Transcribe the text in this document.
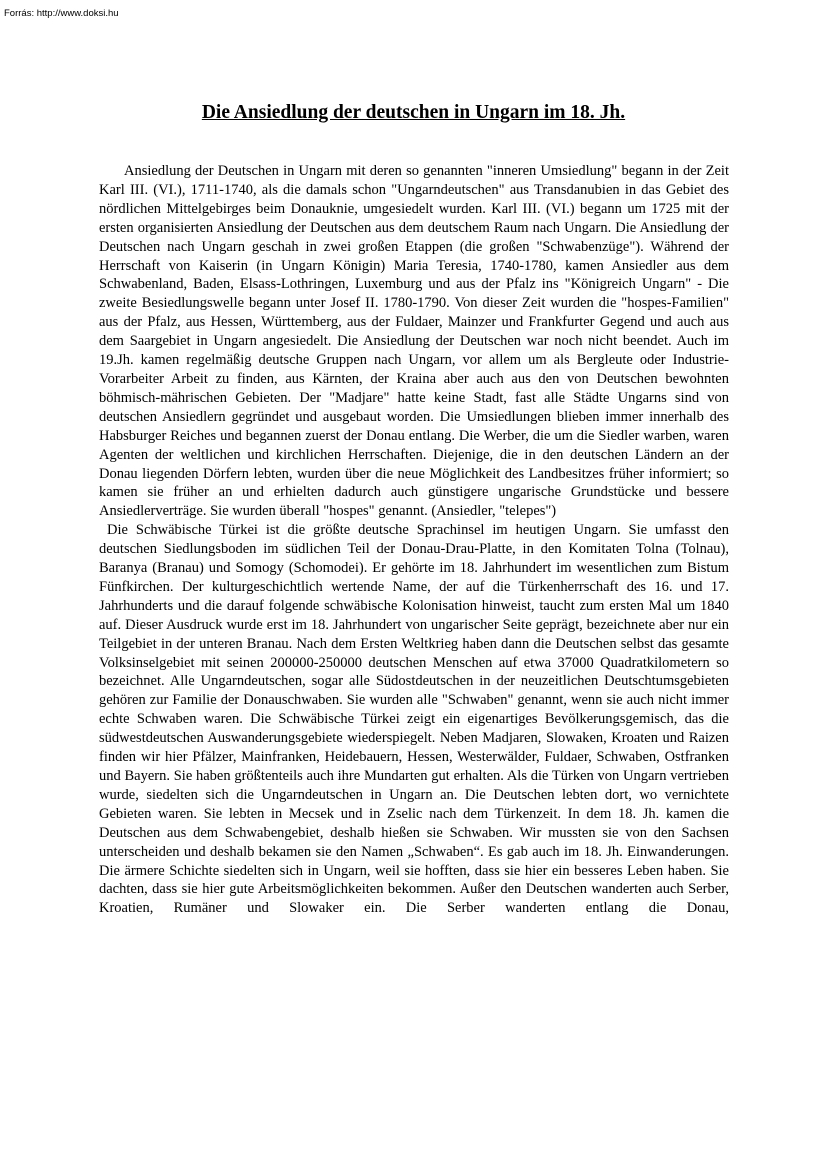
Forrás: http://www.doksi.hu
Die Ansiedlung der deutschen in Ungarn im 18. Jh.

Ansiedlung der Deutschen in Ungarn mit deren so genannten "inneren Umsiedlung" begann in der Zeit Karl III. (VI.), 1711-1740, als die damals schon "Ungarndeutschen" aus Transdanubien in das Gebiet des nördlichen Mittelgebirges beim Donauknie, umgesiedelt wurden. Karl III. (VI.) begann um 1725 mit der ersten organisierten Ansiedlung der Deutschen aus dem deutschem Raum nach Ungarn. Die Ansiedlung der Deutschen nach Ungarn geschah in zwei großen Etappen (die großen "Schwabenzüge"). Während der Herrschaft von Kaiserin (in Ungarn Königin) Maria Teresia, 1740-1780, kamen Ansiedler aus dem Schwabenland, Baden, Elsass-Lothringen, Luxemburg und aus der Pfalz ins "Königreich Ungarn" - Die zweite Besiedlungswelle begann unter Josef II. 1780-1790. Von dieser Zeit wurden die "hospes-Familien" aus der Pfalz, aus Hessen, Württemberg, aus der Fuldaer, Mainzer und Frankfurter Gegend und auch aus dem Saargebiet in Ungarn angesiedelt. Die Ansiedlung der Deutschen war noch nicht beendet. Auch im 19.Jh. kamen regelmäßig deutsche Gruppen nach Ungarn, vor allem um als Bergleute oder Industrie- Vorarbeiter Arbeit zu finden, aus Kärnten, der Kraina aber auch aus den von Deutschen bewohnten böhmisch-mährischen Gebieten. Der "Madjare" hatte keine Stadt, fast alle Städte Ungarns sind von deutschen Ansiedlern gegründet und ausgebaut worden. Die Umsiedlungen blieben immer innerhalb des Habsburger Reiches und begannen zuerst der Donau entlang. Die Werber, die um die Siedler warben, waren Agenten der weltlichen und kirchlichen Herrschaften. Diejenige, die in den deutschen Ländern an der Donau liegenden Dörfern lebten, wurden über die neue Möglichkeit des Landbesitzes früher informiert; so kamen sie früher an und erhielten dadurch auch günstigere ungarische Grundstücke und bessere Ansiedlerverträge. Sie wurden überall "hospes" genannt. (Ansiedler, "telepes")

Die Schwäbische Türkei ist die größte deutsche Sprachinsel im heutigen Ungarn. Sie umfasst den deutschen Siedlungsboden im südlichen Teil der Donau-Drau-Platte, in den Komitaten Tolna (Tolnau), Baranya (Branau) und Somogy (Schomodei). Er gehörte im 18. Jahrhundert im wesentlichen zum Bistum Fünfkirchen. Der kulturgeschichtlich wertende Name, der auf die Türkenherrschaft des 16. und 17. Jahrhunderts und die darauf folgende schwäbische Kolonisation hinweist, taucht zum ersten Mal um 1840 auf. Dieser Ausdruck wurde erst im 18. Jahrhundert von ungarischer Seite geprägt, bezeichnete aber nur ein Teilgebiet in der unteren Branau. Nach dem Ersten Weltkrieg haben dann die Deutschen selbst das gesamte Volksinselgebiet mit seinen 200000-250000 deutschen Menschen auf etwa 37000 Quadratkilometern so bezeichnet. Alle Ungarndeutschen, sogar alle Südostdeutschen in der neuzeitlichen Deutschtumsgebieten gehören zur Familie der Donauschwaben. Sie wurden alle "Schwaben" genannt, wenn sie auch nicht immer echte Schwaben waren. Die Schwäbische Türkei zeigt ein eigenartiges Bevölkerungsgemisch, das die südwestdeutschen Auswanderungsgebiete wiederspiegelt. Neben Madjaren, Slowaken, Kroaten und Raizen finden wir hier Pfälzer, Mainfranken, Heidebauern, Hessen, Westerwälder, Fuldaer, Schwaben, Ostfranken und Bayern. Sie haben größtenteils auch ihre Mundarten gut erhalten. Als die Türken von Ungarn vertrieben wurde, siedelten sich die Ungarndeutschen in Ungarn an. Die Deutschen lebten dort, wo vernichtete Gebieten waren. Sie lebten in Mecsek und in Zselic nach dem Türkenzeit. In dem 18. Jh. kamen die Deutschen aus dem Schwabengebiet, deshalb hießen sie Schwaben. Wir mussten sie von den Sachsen unterscheiden und deshalb bekamen sie den Namen „Schwaben“. Es gab auch im 18. Jh. Einwanderungen. Die ärmere Schichte siedelten sich in Ungarn, weil sie hofften, dass sie hier ein besseres Leben haben. Sie dachten, dass sie hier gute Arbeitsmöglichkeiten bekommen. Außer den Deutschen wanderten auch Serber, Kroatien, Rumäner und Slowaker ein. Die Serber wanderten entlang die Donau,
